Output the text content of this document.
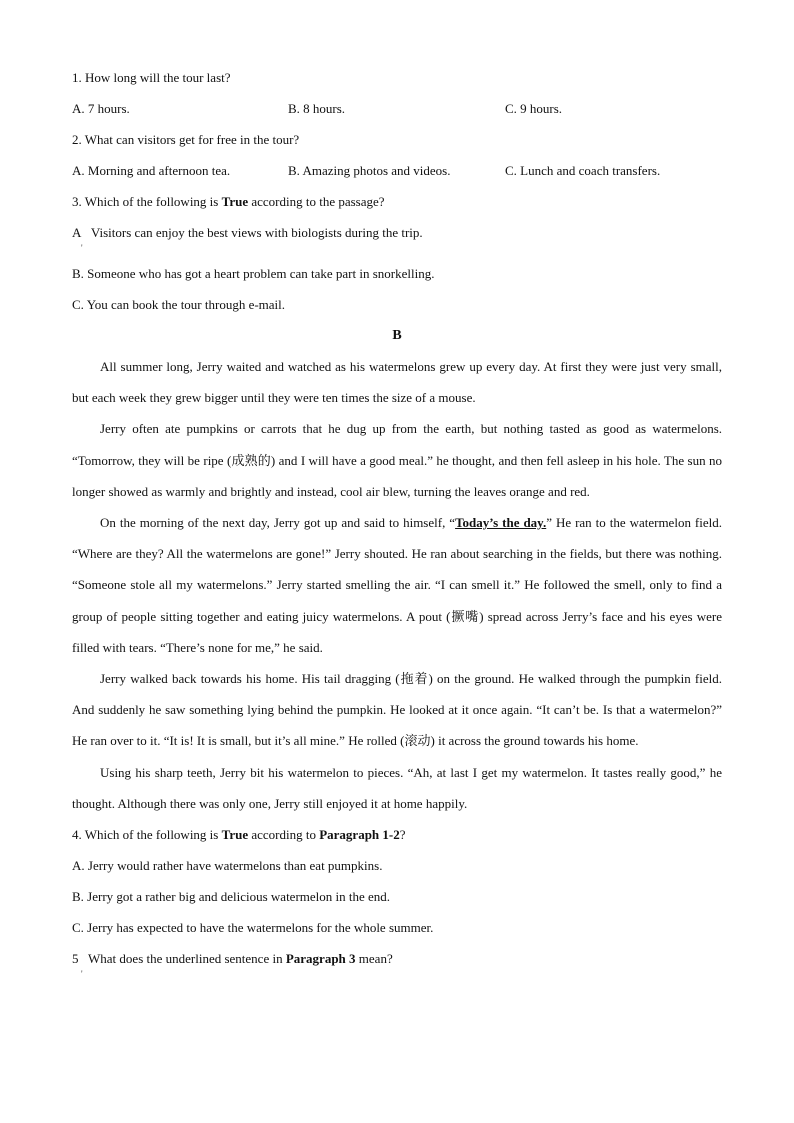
1. How long will the tour last?
A. 7 hours.	B. 8 hours.	C. 9 hours.
2. What can visitors get for free in the tour?
A. Morning and afternoon tea.	B. Amazing photos and videos.	C. Lunch and coach transfers.
3. Which of the following is True according to the passage?
A ' Visitors can enjoy the best views with biologists during the trip.
B. Someone who has got a heart problem can take part in snorkelling.
C. You can book the tour through e-mail.
B

All summer long, Jerry waited and watched as his watermelons grew up every day. At first they were just very small, but each week they grew bigger until they were ten times the size of a mouse.

Jerry often ate pumpkins or carrots that he dug up from the earth, but nothing tasted as good as watermelons. “Tomorrow, they will be ripe (成熟的) and I will have a good meal.” he thought, and then fell asleep in his hole. The sun no longer showed as warmly and brightly and instead, cool air blew, turning the leaves orange and red.

On the morning of the next day, Jerry got up and said to himself, “Today’s the day.” He ran to the watermelon field. “Where are they? All the watermelons are gone!” Jerry shouted. He ran about searching in the fields, but there was nothing. “Someone stole all my watermelons.” Jerry started smelling the air. “I can smell it.” He followed the smell, only to find a group of people sitting together and eating juicy watermelons. A pout (撅嘴) spread across Jerry’s face and his eyes were filled with tears. “There’s none for me,” he said.

Jerry walked back towards his home. His tail dragging (拖着) on the ground. He walked through the pumpkin field. And suddenly he saw something lying behind the pumpkin. He looked at it once again. “It can’t be. Is that a watermelon?” He ran over to it. “It is! It is small, but it’s all mine.” He rolled (滚动) it across the ground towards his home.

Using his sharp teeth, Jerry bit his watermelon to pieces. “Ah, at last I get my watermelon. It tastes really good,” he thought. Although there was only one, Jerry still enjoyed it at home happily.

4. Which of the following is True according to Paragraph 1-2?
A. Jerry would rather have watermelons than eat pumpkins.
B. Jerry got a rather big and delicious watermelon in the end.
C. Jerry has expected to have the watermelons for the whole summer.
5 ' What does the underlined sentence in Paragraph 3 mean?
